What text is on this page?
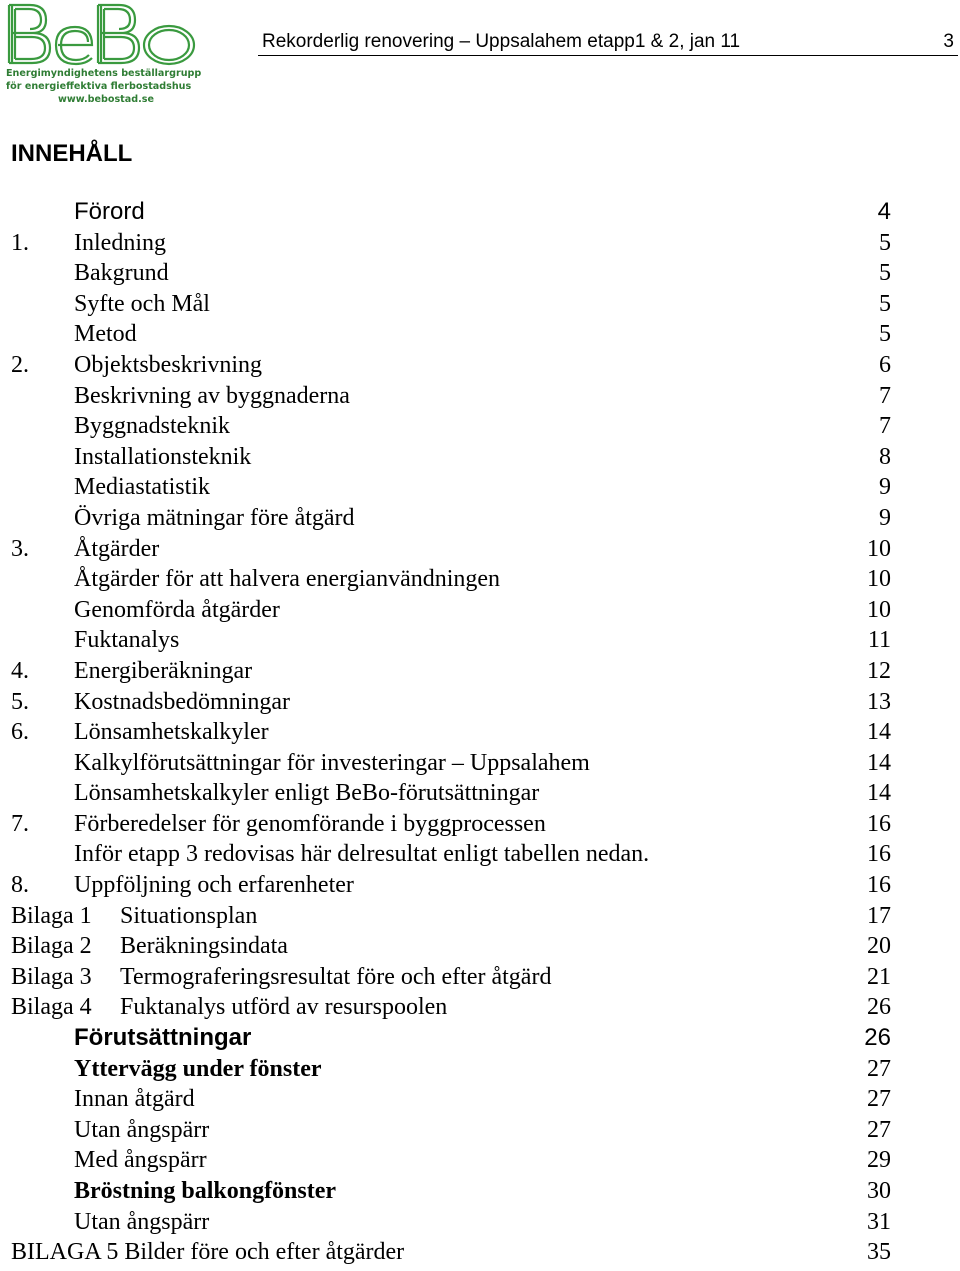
Energimyndighetens beställargrupp
för energieffektiva flerbostadshus
www.bebostad.se
Rekorderlig renovering – Uppsalahem etapp1 & 2, jan 11	3
INNEHÅLL
Förord	4
1. Inledning	5
Bakgrund	5
Syfte och Mål	5
Metod	5
2. Objektsbeskrivning	6
Beskrivning av byggnaderna	7
Byggnadsteknik	7
Installationsteknik	8
Mediastatistik	9
Övriga mätningar före åtgärd	9
3. Åtgärder	10
Åtgärder för att halvera energianvändningen	10
Genomförda åtgärder	10
Fuktanalys	11
4. Energiberäkningar	12
5. Kostnadsbedömningar	13
6. Lönsamhetskalkyler	14
Kalkylförutsättningar för investeringar – Uppsalahem	14
Lönsamhetskalkyler enligt BeBo-förutsättningar	14
7. Förberedelser för genomförande i byggprocessen	16
Inför etapp 3 redovisas här delresultat enligt tabellen nedan.	16
8. Uppföljning och erfarenheter	16
Bilaga 1 Situationsplan	17
Bilaga 2 Beräkningsindata	20
Bilaga 3 Termograferingsresultat före och efter åtgärd	21
Bilaga 4 Fuktanalys utförd av resurspoolen	26
Förutsättningar	26
Yttervägg under fönster	27
Innan åtgärd	27
Utan ångspärr	27
Med ångspärr	29
Bröstning balkongfönster	30
Utan ångspärr	31
BILAGA 5 Bilder före och efter åtgärder	35
